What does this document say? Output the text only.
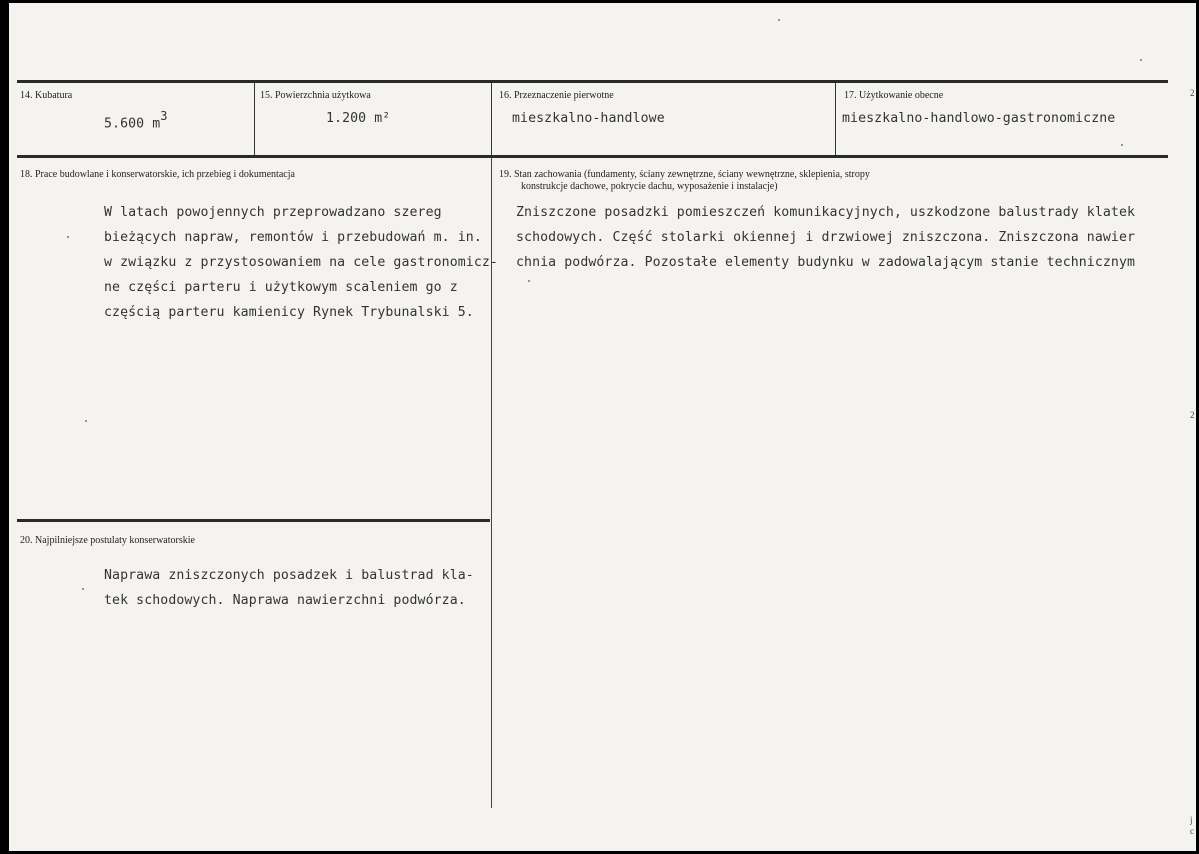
14. Kubatura
5.600 $m^3$
15. Powierzchnia użytkowa
1.200 m²
16. Przeznaczenie pierwotne
mieszkalno-handlowe
17. Użytkowanie obecne
mieszkalno-handlowo-gastronomiczne
18. Prace budowlane i konserwatorskie, ich przebieg i dokumentacja
W latach powojennych przeprowadzano szereg
bieżących napraw, remontów i przebudowań m. in.
w związku z przystosowaniem na cele gastronomicz-
ne części parteru i użytkowym scaleniem go z
częścią parteru kamienicy Rynek Trybunalski 5.
19. Stan zachowania (fundamenty, ściany zewnętrzne, ściany wewnętrzne, sklepienia, stropy
konstrukcje dachowe, pokrycie dachu, wyposażenie i instalacje)
Zniszczone posadzki pomieszczeń komunikacyjnych, uszkodzone balustrady klatek
schodowych. Część stolarki okiennej i drzwiowej zniszczona. Zniszczona nawier
chnia podwórza. Pozostałe elementy budynku w zadowalającym stanie technicznym
20. Najpilniejsze postulaty konserwatorskie
Naprawa zniszczonych posadzek i balustrad kla-
tek schodowych. Naprawa nawierzchni podwórza.
2
2
j
c
